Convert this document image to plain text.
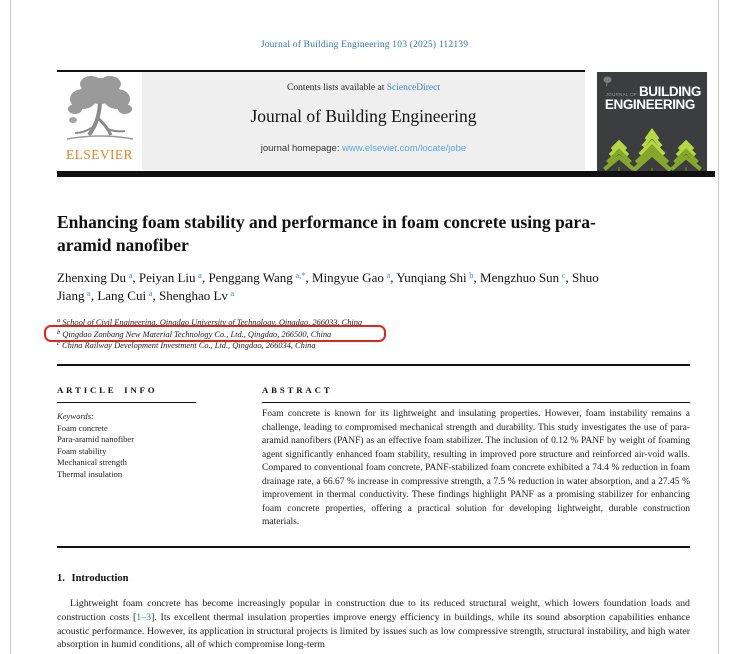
Journal of Building Engineering 103 (2025) 112139
ELSEVIER
Contents lists available at ScienceDirect
Journal of Building Engineering
journal homepage: www.elsevier.com/locate/jobe
JOURNAL OF BUILDING
ENGINEERING
Enhancing foam stability and performance in foam concrete using para-aramid nanofiber
Zhenxing Du $^a$, Peiyan Liu $^a$, Penggang Wang $^{a,*}$, Mingyue Gao $^a$, Yunqiang Shi $^b$, Mengzhuo Sun $^c$, Shuo Jiang $^a$, Lang Cui $^a$, Shenghao Lv $^a$
$^a$ School of Civil Engineering, Qingdao University of Technology, Qingdao, 266033, China
$^b$ Qingdao Zonbang New Material Technology Co., Ltd., Qingdao, 266500, China
$^c$ China Railway Development Investment Co., Ltd., Qingdao, 266034, China
ARTICLE INFO	ABSTRACT
Keywords:
Foam concrete
Para-aramid nanofiber
Foam stability
Mechanical strength
Thermal insulation
Foam concrete is known for its lightweight and insulating properties. However, foam instability remains a challenge, leading to compromised mechanical strength and durability. This study investigates the use of para-aramid nanofibers (PANF) as an effective foam stabilizer. The inclusion of 0.12 % PANF by weight of foaming agent significantly enhanced foam stability, resulting in improved pore structure and reinforced air-void walls. Compared to conventional foam concrete, PANF-stabilized foam concrete exhibited a 74.4 % reduction in foam drainage rate, a 66.67 % increase in compressive strength, a 7.5 % reduction in water absorption, and a 27.45 % improvement in thermal conductivity. These findings highlight PANF as a promising stabilizer for enhancing foam concrete properties, offering a practical solution for developing lightweight, durable construction materials.
1. Introduction
Lightweight foam concrete has become increasingly popular in construction due to its reduced structural weight, which lowers foundation loads and construction costs [1–3]. Its excellent thermal insulation properties improve energy efficiency in buildings, while its sound absorption capabilities enhance acoustic performance. However, its application in structural projects is limited by issues such as low compressive strength, structural instability, and high water absorption in humid conditions, all of which compromise long-term
